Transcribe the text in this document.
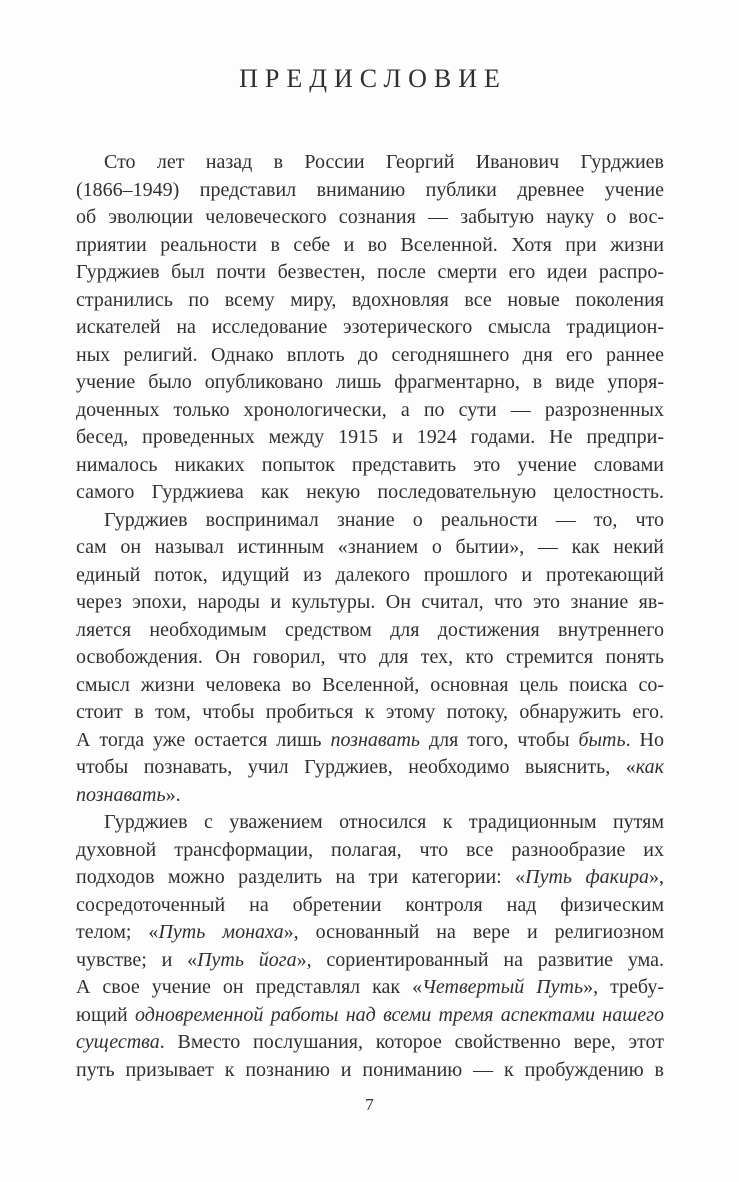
ПРЕДИСЛОВИЕ
Сто лет назад в России Георгий Иванович Гурджиев
(1866–1949) представил вниманию публики древнее учение
об эволюции человеческого сознания — забытую науку о вос-
приятии реальности в себе и во Вселенной. Хотя при жизни
Гурджиев был почти безвестен, после смерти его идеи распро-
странились по всему миру, вдохновляя все новые поколения
искателей на исследование эзотерического смысла традицион-
ных религий. Однако вплоть до сегодняшнего дня его раннее
учение было опубликовано лишь фрагментарно, в виде упоря-
доченных только хронологически, а по сути — разрозненных
бесед, проведенных между 1915 и 1924 годами. Не предпри-
нималось никаких попыток представить это учение словами
самого Гурджиева как некую последовательную целостность.
Гурджиев воспринимал знание о реальности — то, что
сам он называл истинным «знанием о бытии», — как некий
единый поток, идущий из далекого прошлого и протекающий
через эпохи, народы и культуры. Он считал, что это знание яв-
ляется необходимым средством для достижения внутреннего
освобождения. Он говорил, что для тех, кто стремится понять
смысл жизни человека во Вселенной, основная цель поиска со-
стоит в том, чтобы пробиться к этому потоку, обнаружить его.
А тогда уже остается лишь познавать для того, чтобы быть. Но
чтобы познавать, учил Гурджиев, необходимо выяснить, «как
познавать».
Гурджиев с уважением относился к традиционным путям
духовной трансформации, полагая, что все разнообразие их
подходов можно разделить на три категории: «Путь факира»,
сосредоточенный на обретении контроля над физическим
телом; «Путь монаха», основанный на вере и религиозном
чувстве; и «Путь йога», сориентированный на развитие ума.
А свое учение он представлял как «Четвертый Путь», требу-
ющий одновременной работы над всеми тремя аспектами нашего
существа. Вместо послушания, которое свойственно вере, этот
путь призывает к познанию и пониманию — к пробуждению в
7
